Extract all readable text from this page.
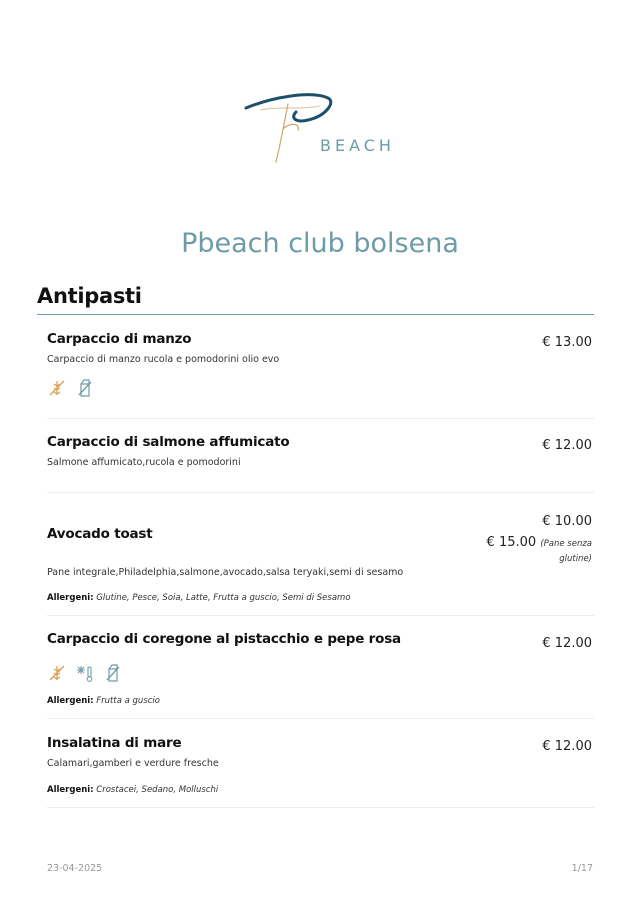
BEACH
Pbeach club bolsena
Antipasti
Carpaccio di manzo	€ 13.00
Carpaccio di manzo rucola e pomodorini olio evo
Carpaccio di salmone affumicato	€ 12.00
Salmone affumicato,rucola e pomodorini
Avocado toast
€ 10.00
€ 15.00 (Pane senza glutine)
Pane integrale,Philadelphia,salmone,avocado,salsa teryaki,semi di sesamo
Allergeni: Glutine, Pesce, Soia, Latte, Frutta a guscio, Semi di Sesamo
Carpaccio di coregone al pistacchio e pepe rosa	€ 12.00
Allergeni: Frutta a guscio
Insalatina di mare	€ 12.00
Calamari,gamberi e verdure fresche
Allergeni: Crostacei, Sedano, Molluschi
23-04-2025	1/17
